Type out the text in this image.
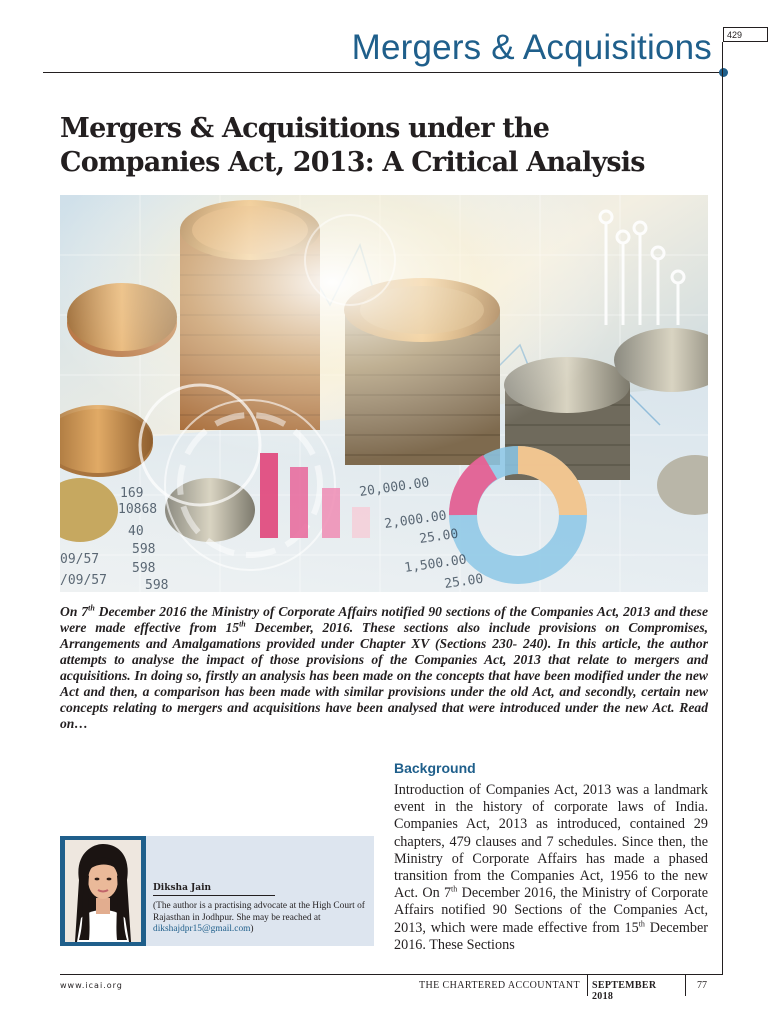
Mergers & Acquisitions	429
Mergers & Acquisitions under the
Companies Act, 2013: A Critical Analysis
169
10868
40
598
09/57
598
/09/57	598
20,000.00
2,000.00
25.00
1,500.00
25.00
On 7th December 2016 the Ministry of Corporate Affairs notified 90 sections of the Companies Act, 2013 and these were made effective from 15th December, 2016. These sections also include provisions on Compromises, Arrangements and Amalgamations provided under Chapter XV (Sections 230- 240). In this article, the author attempts to analyse the impact of those provisions of the Companies Act, 2013 that relate to mergers and acquisitions. In doing so, firstly an analysis has been made on the concepts that have been modified under the new Act and then, a comparison has been made with similar provisions under the old Act, and secondly, certain new concepts relating to mergers and acquisitions have been analysed that were introduced under the new Act. Read on…
Background
Introduction of Companies Act, 2013 was a landmark event in the history of corporate laws of India. Companies Act, 2013 as introduced, contained 29 chapters, 479 clauses and 7 schedules. Since then, the Ministry of Corporate Affairs has made a phased transition from the Companies Act, 1956 to the new Act. On 7th December 2016, the Ministry of Corporate Affairs notified 90 Sections of the Companies Act, 2013, which were made effective from 15th December 2016. These Sections
Diksha Jain
(The author is a practising advocate at the High Court of Rajasthan in Jodhpur. She may be reached at dikshajdpr15@gmail.com)
www.icai.org	THE CHARTERED ACCOUNTANT SEPTEMBER 2018
77
